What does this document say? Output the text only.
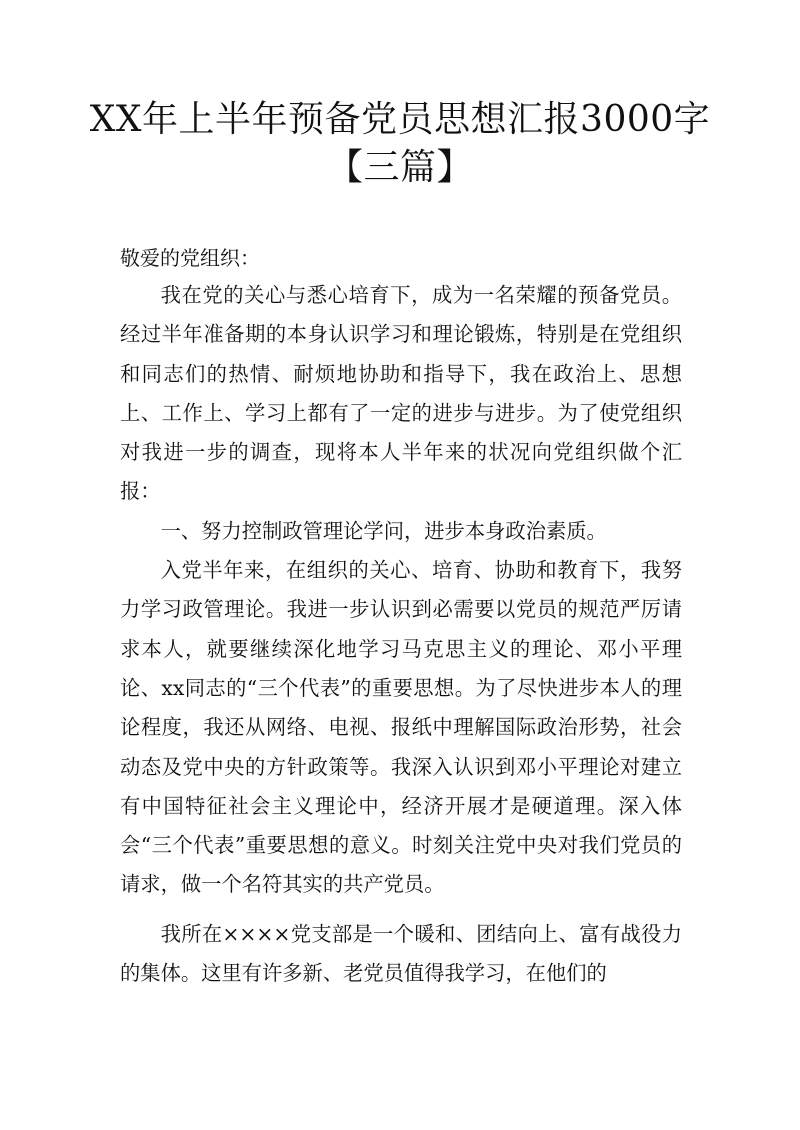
XX年上半年预备党员思想汇报3000字
【三篇】
敬爱的党组织：

我在党的关心与悉心培育下，成为一名荣耀的预备党员。经过半年准备期的本身认识学习和理论锻炼，特别是在党组织和同志们的热情、耐烦地协助和指导下，我在政治上、思想上、工作上、学习上都有了一定的进步与进步。为了使党组织对我进一步的调查，现将本人半年来的状况向党组织做个汇报：

一、努力控制政管理论学问，进步本身政治素质。

入党半年来，在组织的关心、培育、协助和教育下，我努力学习政管理论。我进一步认识到必需要以党员的规范严厉请求本人，就要继续深化地学习马克思主义的理论、邓小平理论、xx同志的“三个代表”的重要思想。为了尽快进步本人的理论程度，我还从网络、电视、报纸中理解国际政治形势，社会动态及党中央的方针政策等。我深入认识到邓小平理论对建立有中国特征社会主义理论中，经济开展才是硬道理。深入体会“三个代表”重要思想的意义。时刻关注党中央对我们党员的请求，做一个名符其实的共产党员。

我所在××××党支部是一个暖和、团结向上、富有战役力的集体。这里有许多新、老党员值得我学习，在他们的
